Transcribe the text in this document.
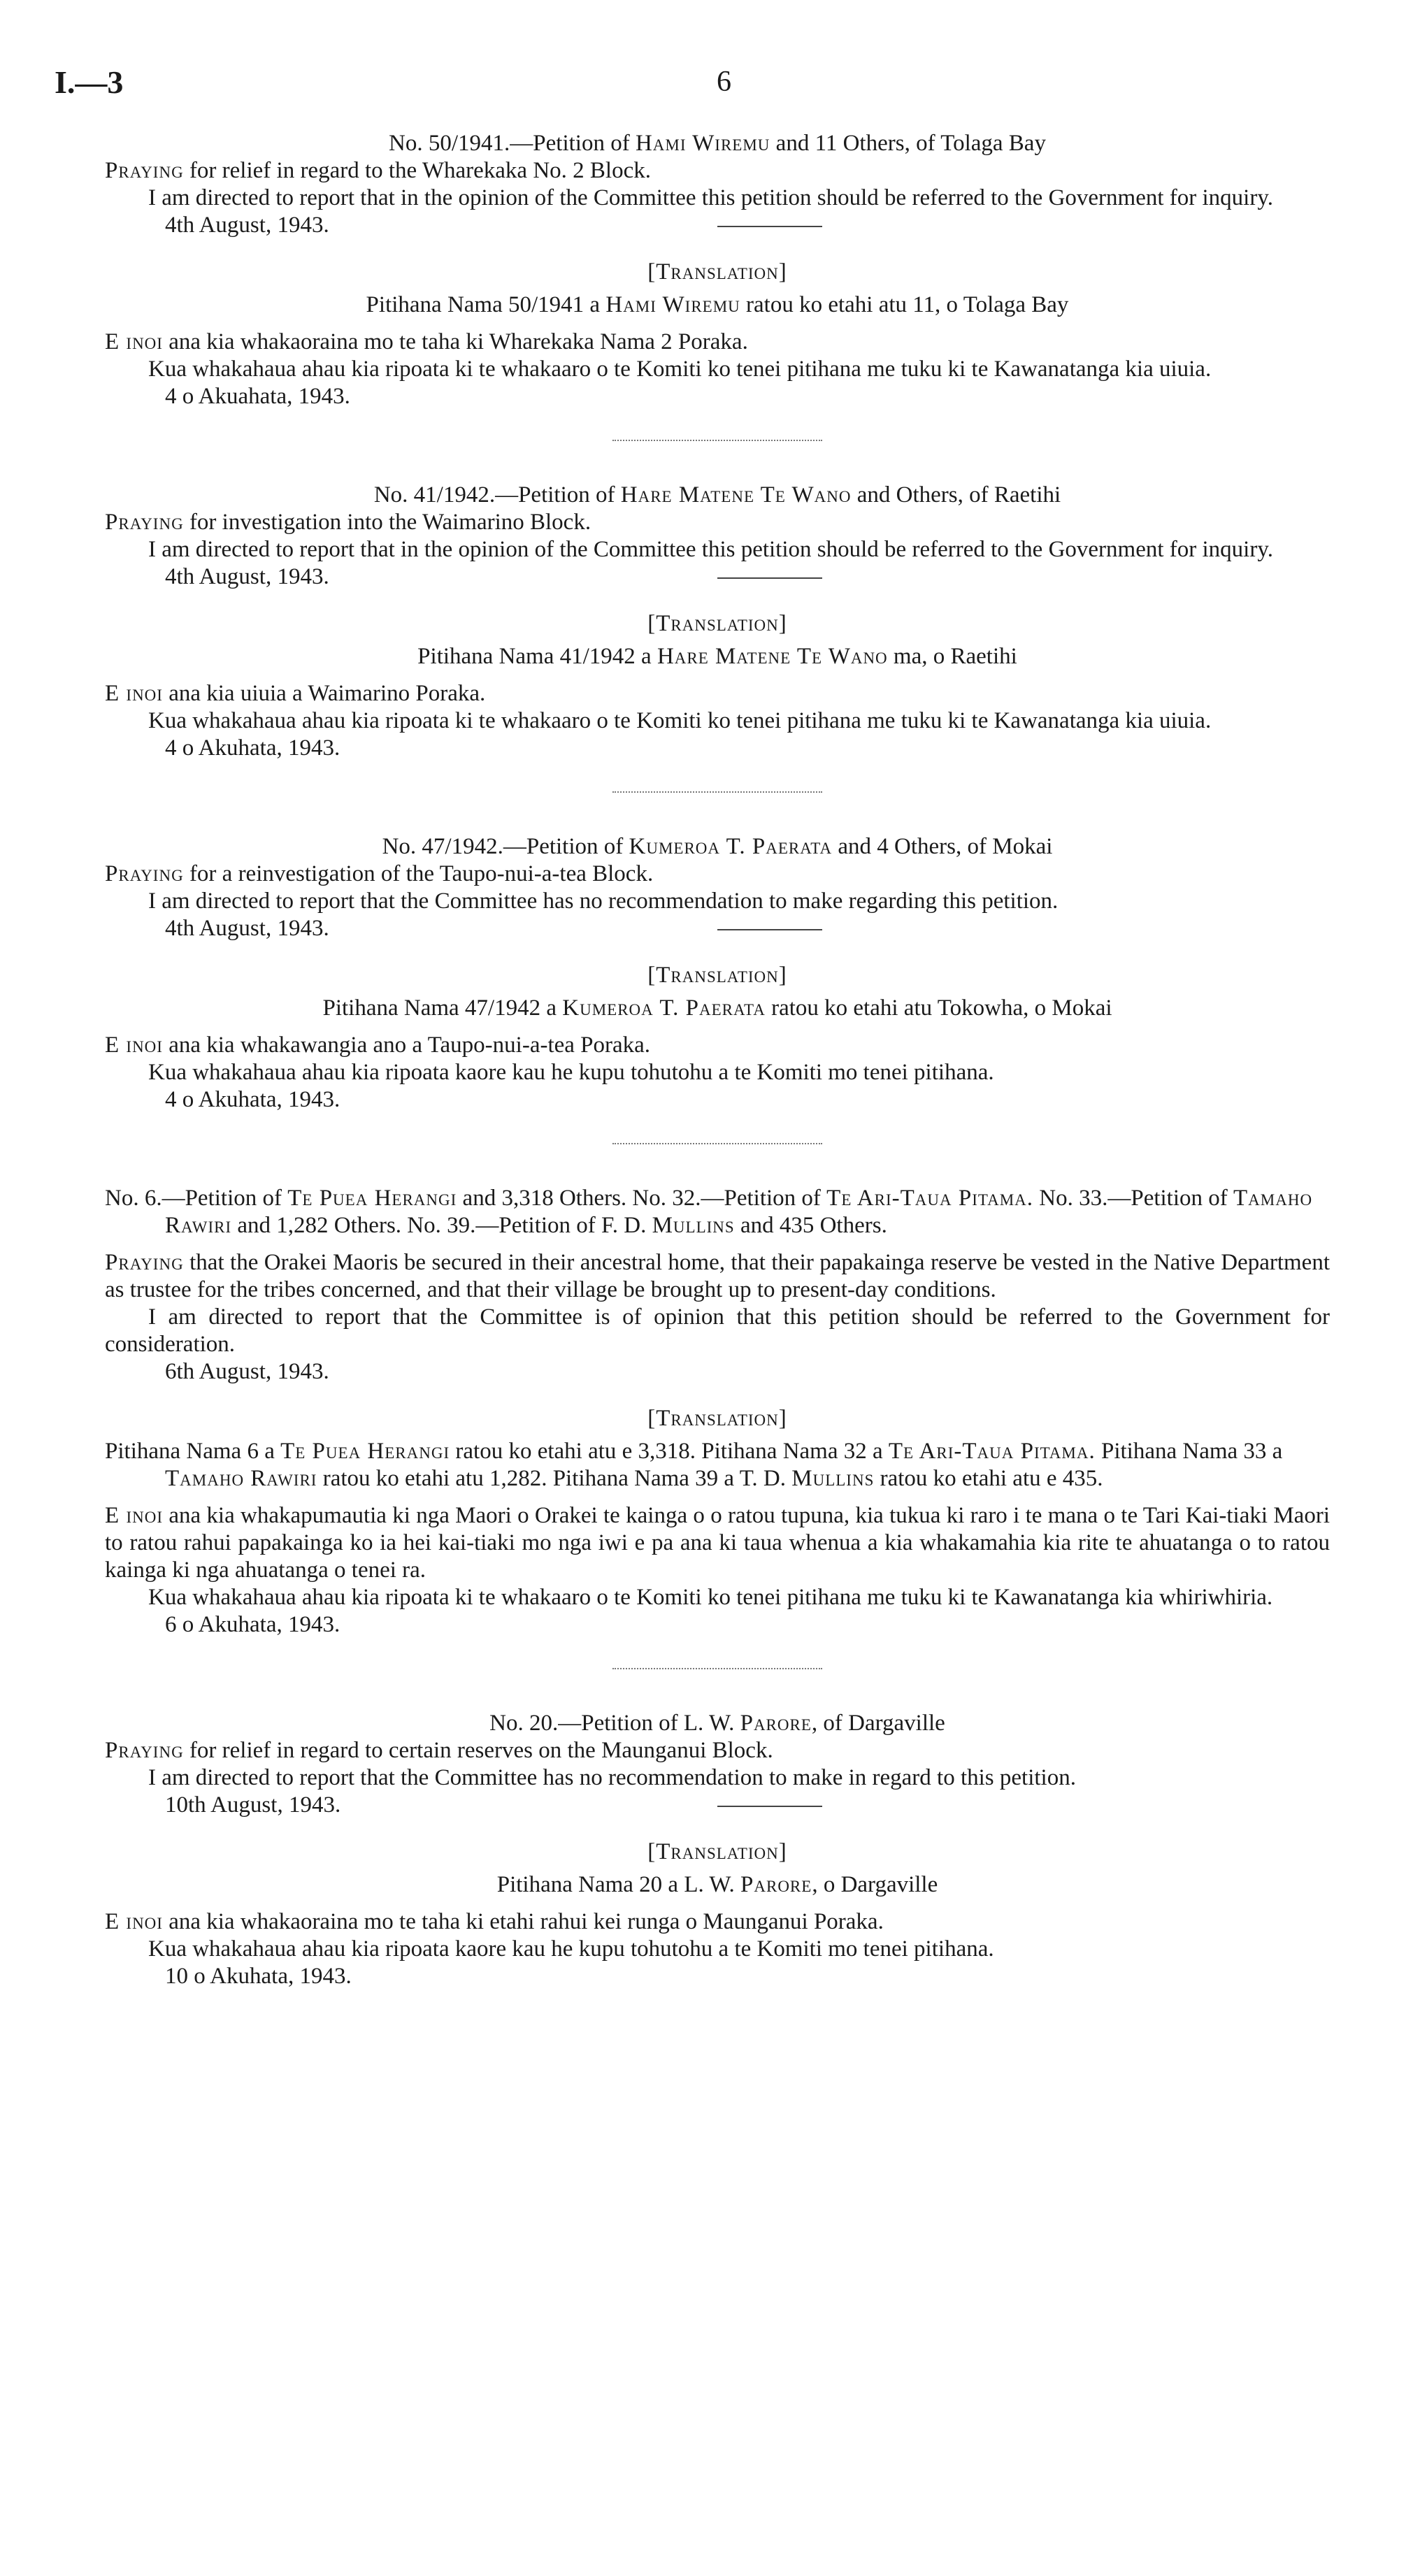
I.—3	6

No. 50/1941.—Petition of Hami Wiremu and 11 Others, of Tolaga Bay

Praying for relief in regard to the Wharekaka No. 2 Block.

I am directed to report that in the opinion of the Committee this petition should be referred to the Government for inquiry.

4th August, 1943.

[Translation]

Pitihana Nama 50/1941 a Hami Wiremu ratou ko etahi atu 11, o Tolaga Bay

E inoi ana kia whakaoraina mo te taha ki Wharekaka Nama 2 Poraka.

Kua whakahaua ahau kia ripoata ki te whakaaro o te Komiti ko tenei pitihana me tuku ki te Kawanatanga kia uiuia.

4 o Akuahata, 1943.

No. 41/1942.—Petition of Hare Matene Te Wano and Others, of Raetihi

Praying for investigation into the Waimarino Block.

I am directed to report that in the opinion of the Committee this petition should be referred to the Government for inquiry.

4th August, 1943.

[Translation]

Pitihana Nama 41/1942 a Hare Matene Te Wano ma, o Raetihi

E inoi ana kia uiuia a Waimarino Poraka.

Kua whakahaua ahau kia ripoata ki te whakaaro o te Komiti ko tenei pitihana me tuku ki te Kawanatanga kia uiuia.

4 o Akuhata, 1943.

No. 47/1942.—Petition of Kumeroa T. Paerata and 4 Others, of Mokai

Praying for a reinvestigation of the Taupo-nui-a-tea Block.

I am directed to report that the Committee has no recommendation to make regarding this petition.

4th August, 1943.

[Translation]

Pitihana Nama 47/1942 a Kumeroa T. Paerata ratou ko etahi atu Tokowha, o Mokai

E inoi ana kia whakawangia ano a Taupo-nui-a-tea Poraka.

Kua whakahaua ahau kia ripoata kaore kau he kupu tohutohu a te Komiti mo tenei pitihana.

4 o Akuhata, 1943.

No. 6.—Petition of Te Puea Herangi and 3,318 Others. No. 32.—Petition of Te Ari-Taua Pitama. No. 33.—Petition of Tamaho Rawiri and 1,282 Others. No. 39.—Petition of F. D. Mullins and 435 Others.

Praying that the Orakei Maoris be secured in their ancestral home, that their papakainga reserve be vested in the Native Department as trustee for the tribes concerned, and that their village be brought up to present-day conditions.

I am directed to report that the Committee is of opinion that this petition should be referred to the Government for consideration.

6th August, 1943.

[Translation]

Pitihana Nama 6 a Te Puea Herangi ratou ko etahi atu e 3,318. Pitihana Nama 32 a Te Ari-Taua Pitama. Pitihana Nama 33 a Tamaho Rawiri ratou ko etahi atu 1,282. Pitihana Nama 39 a T. D. Mullins ratou ko etahi atu e 435.

E inoi ana kia whakapumautia ki nga Maori o Orakei te kainga o o ratou tupuna, kia tukua ki raro i te mana o te Tari Kai-tiaki Maori to ratou rahui papakainga ko ia hei kai-tiaki mo nga iwi e pa ana ki taua whenua a kia whakamahia kia rite te ahuatanga o to ratou kainga ki nga ahuatanga o tenei ra.

Kua whakahaua ahau kia ripoata ki te whakaaro o te Komiti ko tenei pitihana me tuku ki te Kawanatanga kia whiriwhiria.

6 o Akuhata, 1943.

No. 20.—Petition of L. W. Parore, of Dargaville

Praying for relief in regard to certain reserves on the Maunganui Block.

I am directed to report that the Committee has no recommendation to make in regard to this petition.

10th August, 1943.

[Translation]

Pitihana Nama 20 a L. W. Parore, o Dargaville

E inoi ana kia whakaoraina mo te taha ki etahi rahui kei runga o Maunganui Poraka.

Kua whakahaua ahau kia ripoata kaore kau he kupu tohutohu a te Komiti mo tenei pitihana.

10 o Akuhata, 1943.
